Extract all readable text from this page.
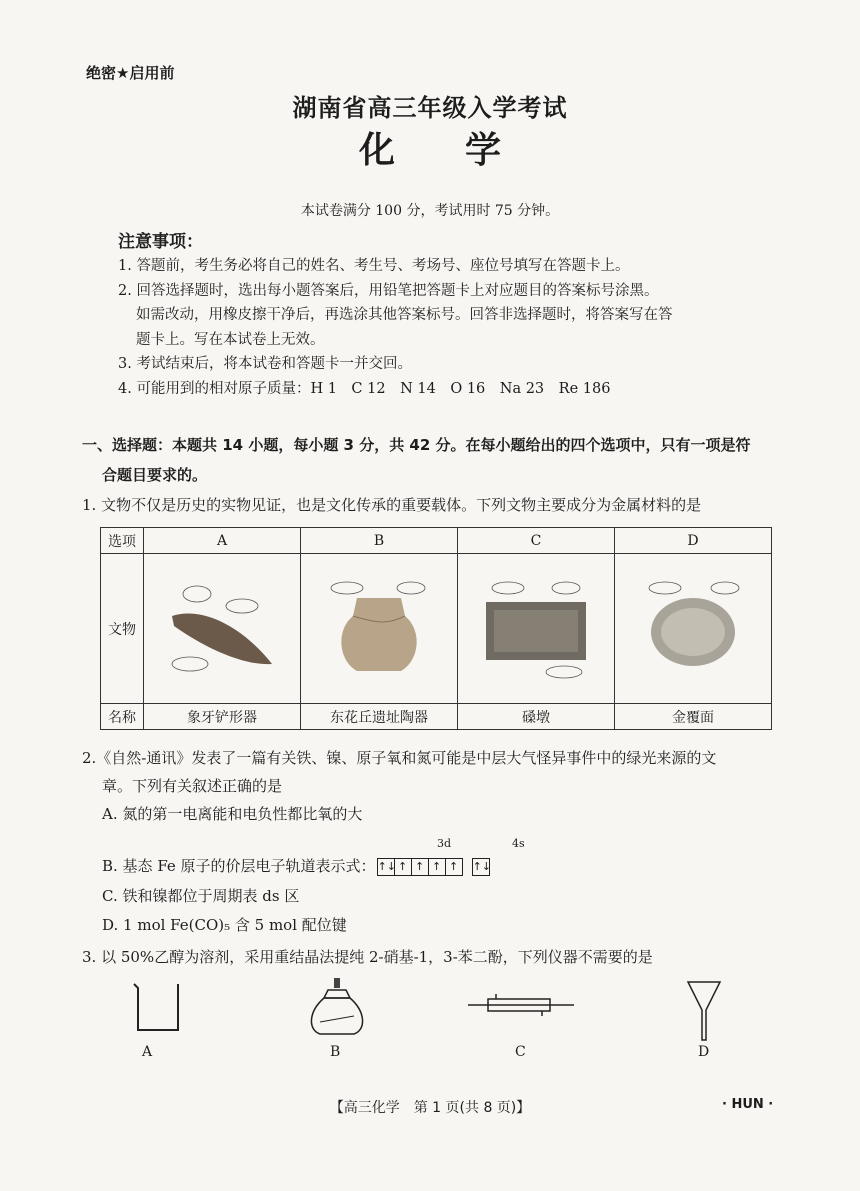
绝密★启用前
湖南省高三年级入学考试
化学
本试卷满分 100 分，考试用时 75 分钟。
注意事项：

1. 答题前，考生务必将自己的姓名、考生号、考场号、座位号填写在答题卡上。

2. 回答选择题时，选出每小题答案后，用铅笔把答题卡上对应题目的答案标号涂黑。

如需改动，用橡皮擦干净后，再选涂其他答案标号。回答非选择题时，将答案写在答

题卡上。写在本试卷上无效。

3. 考试结束后，将本试卷和答题卡一并交回。

4. 可能用到的相对原子质量：H 1　C 12　N 14　O 16　Na 23　Re 186

一、选择题：本题共 14 小题，每小题 3 分，共 42 分。在每小题给出的四个选项中，只有一项是符
合题目要求的。
1. 文物不仅是历史的实物见证，也是文化传承的重要载体。下列文物主要成分为金属材料的是
选项	A	B	C	D
文物	

名称	象牙铲形器	东花丘遗址陶器	磉墩	金覆面
2.《自然-通讯》发表了一篇有关铁、镍、原子氧和氮可能是中层大气怪异事件中的绿光来源的文
章。下列有关叙述正确的是
A. 氮的第一电离能和电负性都比氧的大
3d	4s
B. 基态 Fe 原子的价层电子轨道表示式： ↑↓ ↑ ↑ ↑ ↑ ↑↓
C. 铁和镍都位于周期表 ds 区
D. 1 mol Fe(CO)₅ 含 5 mol 配位键
3. 以 50%乙醇为溶剂，采用重结晶法提纯 2-硝基-1，3-苯二酚，下列仪器不需要的是
A	B	C	D
【高三化学　第 1 页(共 8 页)】	· HUN ·
